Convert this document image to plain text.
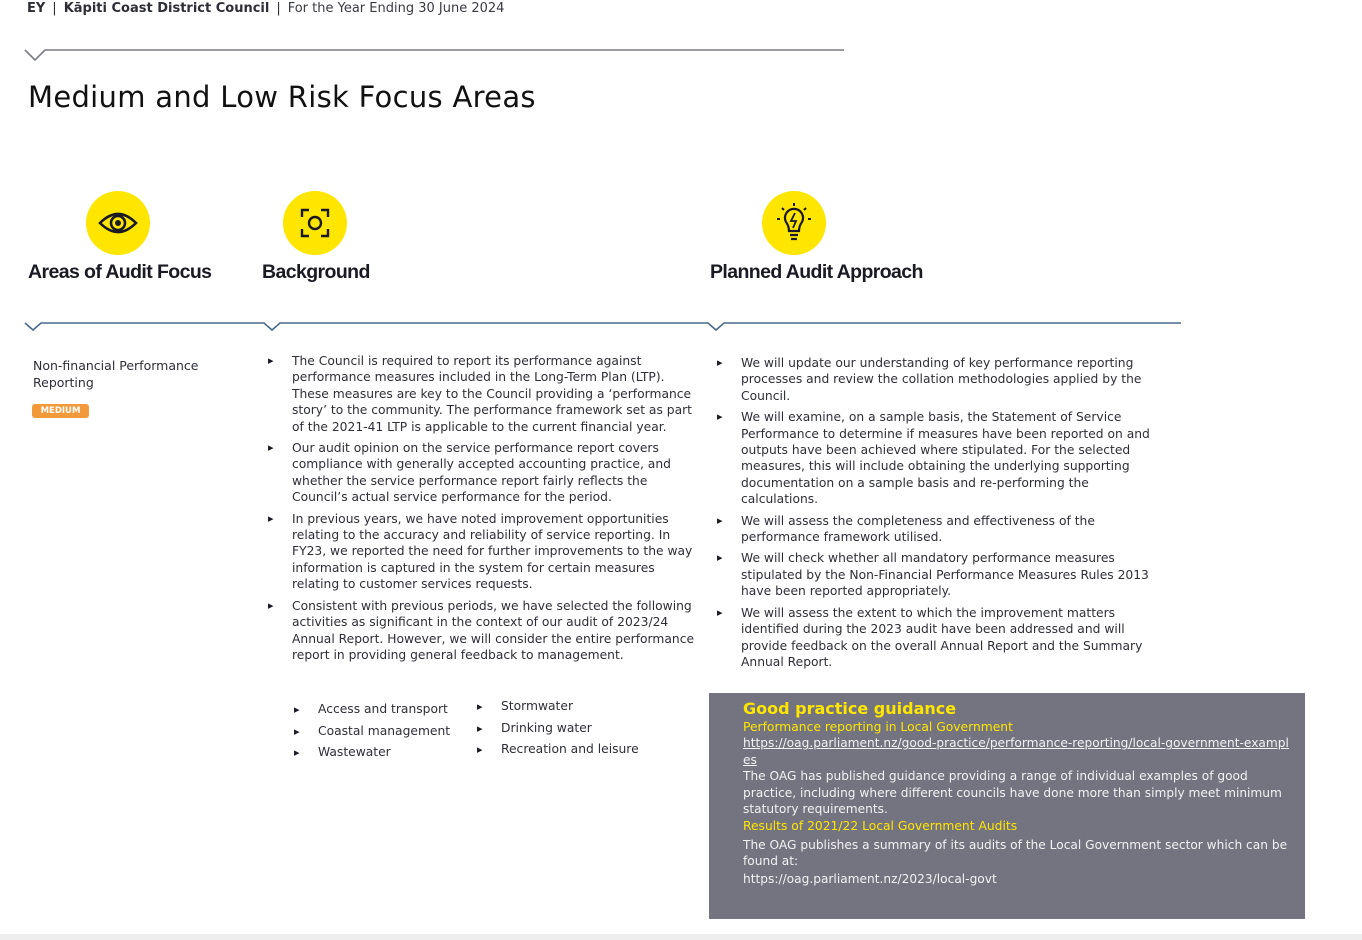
EY | Kāpiti Coast District Council | For the Year Ending 30 June 2024
Medium and Low Risk Focus Areas
Areas of Audit Focus	Background	Planned Audit Approach
Non-financial Performance Reporting
MEDIUM
▸ The Council is required to report its performance against performance measures included in the Long-Term Plan (LTP). These measures are key to the Council providing a ‘performance story’ to the community. The performance framework set as part of the 2021-41 LTP is applicable to the current financial year.
▸ Our audit opinion on the service performance report covers compliance with generally accepted accounting practice, and whether the service performance report fairly reflects the Council’s actual service performance for the period.
▸ In previous years, we have noted improvement opportunities relating to the accuracy and reliability of service reporting. In FY23, we reported the need for further improvements to the way information is captured in the system for certain measures relating to customer services requests.
▸ Consistent with previous periods, we have selected the following activities as significant in the context of our audit of 2023/24 Annual Report. However, we will consider the entire performance report in providing general feedback to management.
▸ Access and transport
▸ Coastal management
▸ Wastewater
▸ Stormwater
▸ Drinking water
▸ Recreation and leisure
▸ We will update our understanding of key performance reporting processes and review the collation methodologies applied by the Council.
▸ We will examine, on a sample basis, the Statement of Service Performance to determine if measures have been reported on and outputs have been achieved where stipulated. For the selected measures, this will include obtaining the underlying supporting documentation on a sample basis and re-performing the calculations.
▸ We will assess the completeness and effectiveness of the performance framework utilised.
▸ We will check whether all mandatory performance measures stipulated by the Non-Financial Performance Measures Rules 2013 have been reported appropriately.
▸ We will assess the extent to which the improvement matters identified during the 2023 audit have been addressed and will provide feedback on the overall Annual Report and the Summary Annual Report.
Good practice guidance
Performance reporting in Local Government

https://oag.parliament.nz/good-practice/performance-reporting/local-government-examples

The OAG has published guidance providing a range of individual examples of good practice, including where different councils have done more than simply meet minimum statutory requirements.

Results of 2021/22 Local Government Audits

The OAG publishes a summary of its audits of the Local Government sector which can be found at:

https://oag.parliament.nz/2023/local-govt
